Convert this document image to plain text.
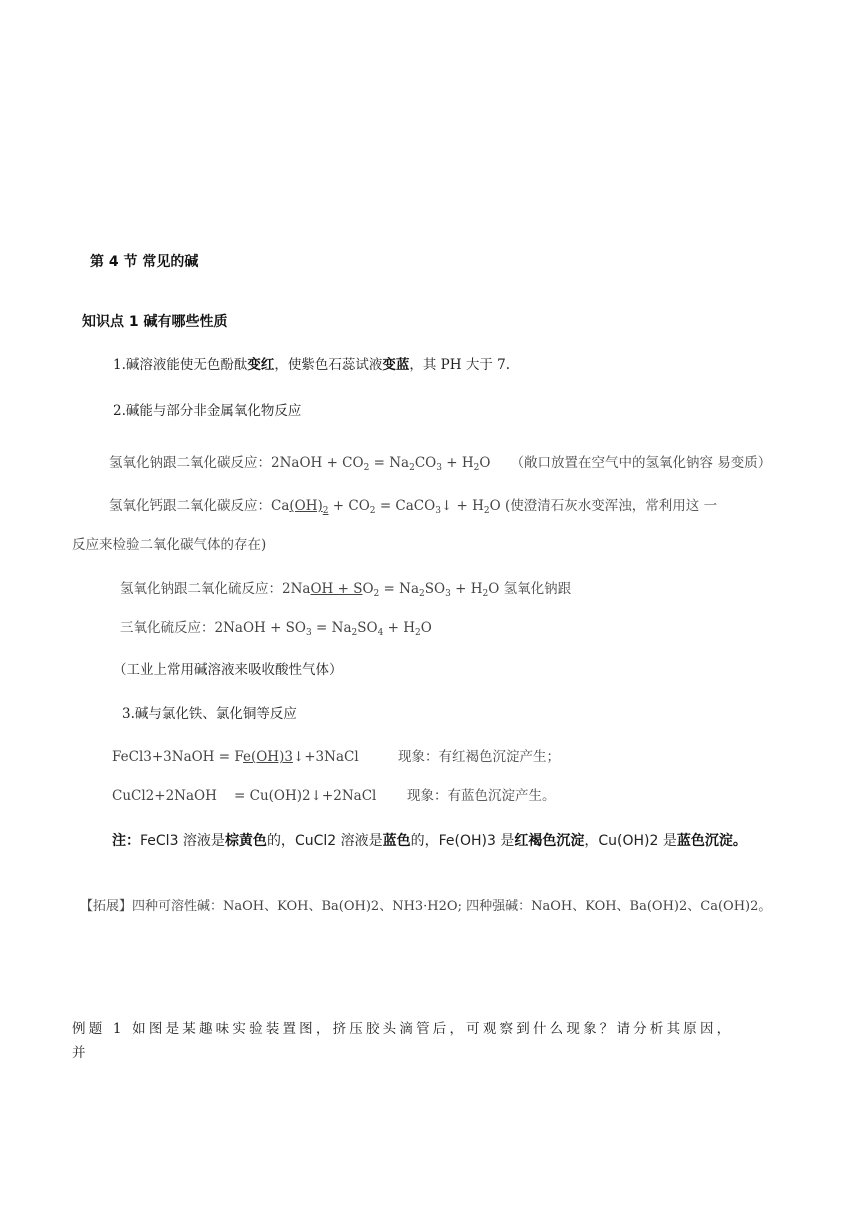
第 4 节 常见的碱
知识点 1 碱有哪些性质
1.碱溶液能使无色酚酞变红，使紫色石蕊试液变蓝，其 PH 大于 7.
2.碱能与部分非金属氧化物反应
氢氧化钠跟二氧化碳反应：2NaOH + $CO_2 = Na_2CO_3 + H_2O$ （敞口放置在空气中的氢氧化钠容 易变质）
氢氧化钙跟二氧化碳反应：$Ca(OH)_2 + CO_2$ = CaCO$_3$↓ + $H_2O$ (使澄清石灰水变浑浊，常利用这 一
反应来检验二氧化碳气体的存在)
氢氧化钠跟二氧化硫反应：2NaOH + $SO_2 = Na_2SO_3 + H_2O$ 氢氧化钠跟
三氧化硫反应：2NaOH + $SO_3 = Na_2SO_4 + H_2O$
（工业上常用碱溶液来吸收酸性气体）
3.碱与氯化铁、氯化铜等反应
FeCl3+3NaOH = Fe(OH)3↓+3NaCl	现象：有红褐色沉淀产生；
CuCl2+2NaOH    = Cu(OH)2↓+2NaCl 现象：有蓝色沉淀产生。
注：FeCl3 溶液是棕黄色的，CuCl2 溶液是蓝色的，Fe(OH)3 是红褐色沉淀，Cu(OH)2 是蓝色沉淀。
【拓展】四种可溶性碱：NaOH、KOH、Ba(OH)2、NH3·H2O; 四种强碱：NaOH、KOH、Ba(OH)2、Ca(OH)2。
例题 1 如图是某趣味实验装置图，挤压胶头滴管后，可观察到什么现象？请分析其原因，
并
